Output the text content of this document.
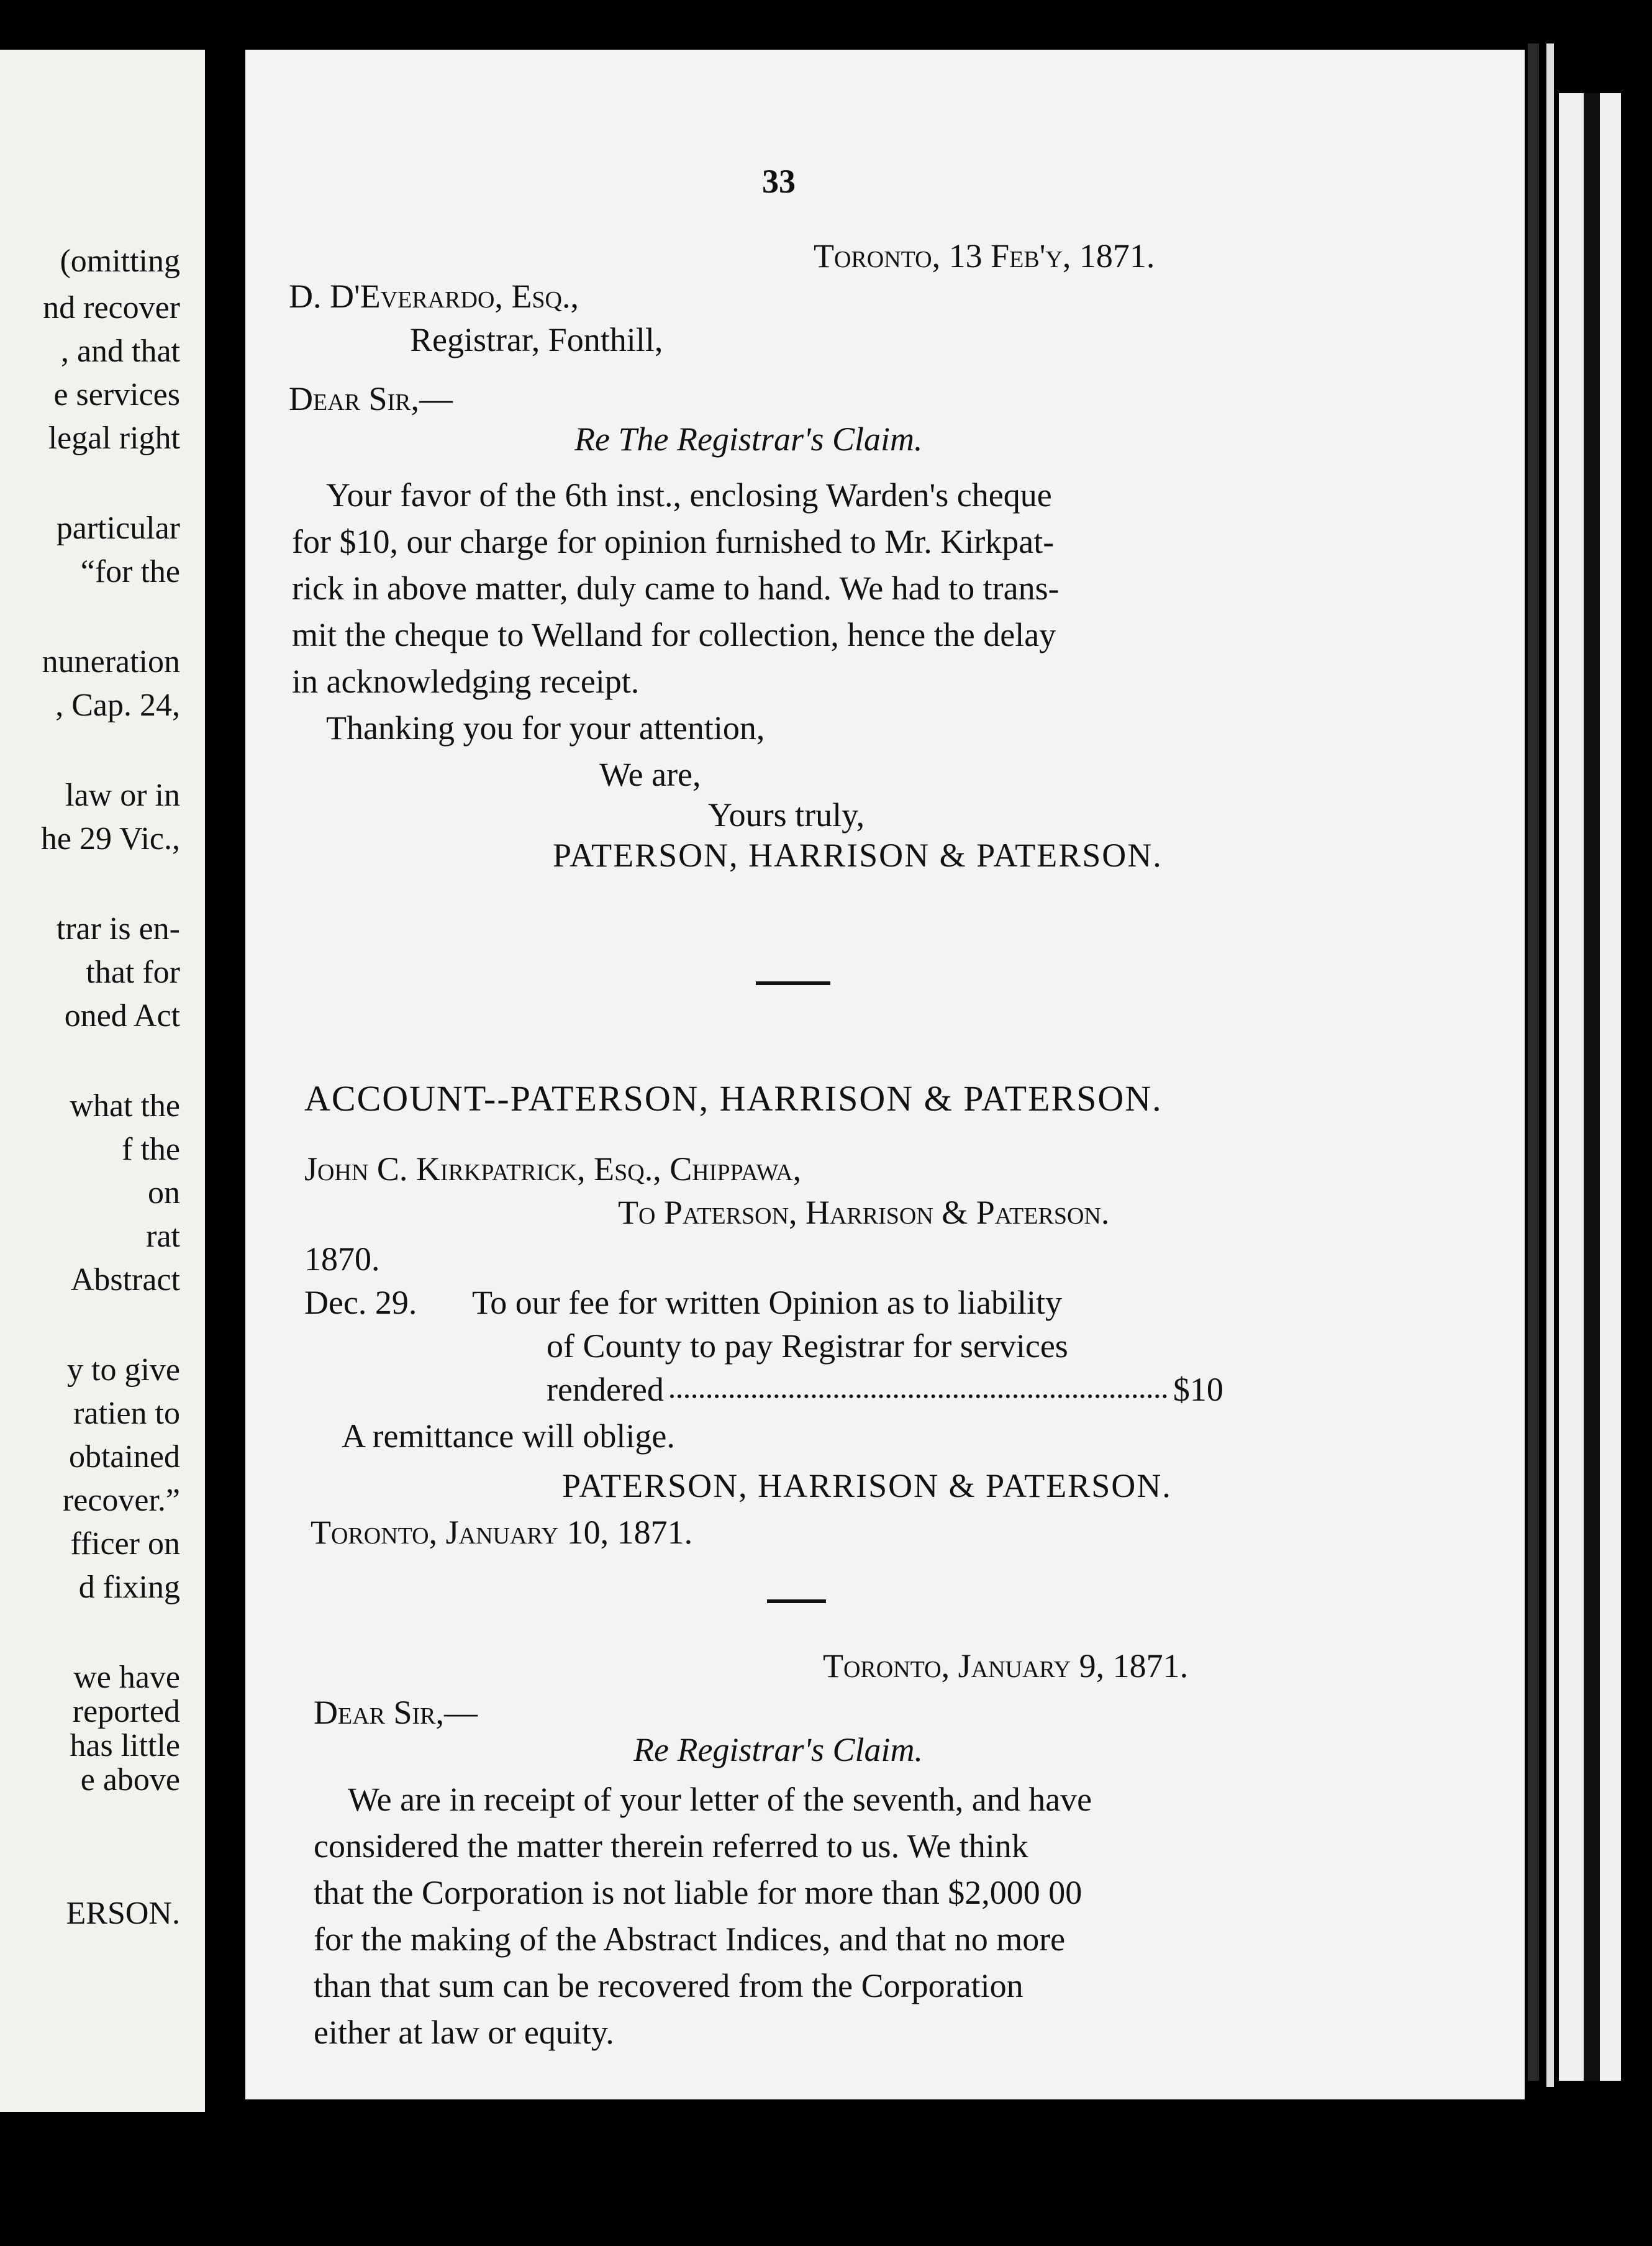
(omitting
nd recover
, and that
e services
legal right
particular
“for the
nuneration
, Cap. 24,
law or in
he 29 Vic.,
trar is en-
that for
oned Act
what the
f the
on
rat
Abstract
y to give
ratien to
obtained
recover.”
fficer on
d fixing
we have
reported
has little
e above
ERSON.
33
Toronto, 13 Feb'y, 1871.
D. D'Everardo, Esq.,
Registrar, Fonthill,
Dear Sir,—
Re The Registrar's Claim.
Your favor of the 6th inst., enclosing Warden's cheque
for $10, our charge for opinion furnished to Mr. Kirkpat-
rick in above matter, duly came to hand. We had to trans-
mit the cheque to Welland for collection, hence the delay
in acknowledging receipt.
Thanking you for your attention,
We are,
Yours truly,
PATERSON, HARRISON & PATERSON.
ACCOUNT--PATERSON, HARRISON & PATERSON.
John C. Kirkpatrick, Esq., Chippawa,
To Paterson, Harrison & Paterson.
1870.
Dec. 29. To our fee for written Opinion as to liability
of County to pay Registrar for services
rendered	$10
A remittance will oblige.
PATERSON, HARRISON & PATERSON.
Toronto, January 10, 1871.
Toronto, January 9, 1871.
Dear Sir,—
Re Registrar's Claim.
We are in receipt of your letter of the seventh, and have
considered the matter therein referred to us. We think
that the Corporation is not liable for more than $2,000 00
for the making of the Abstract Indices, and that no more
than that sum can be recovered from the Corporation
either at law or equity.
